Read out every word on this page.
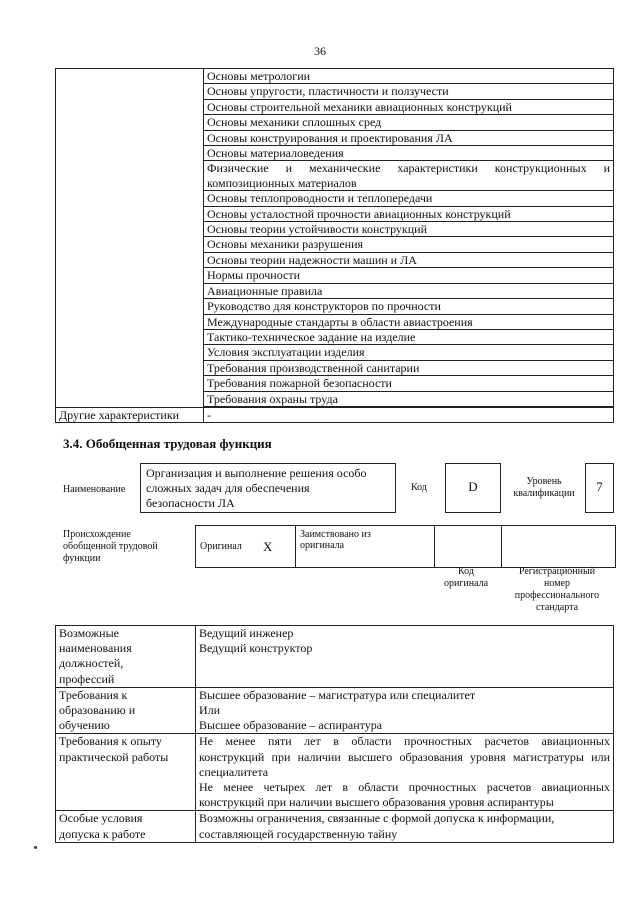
36
	Основы метрологии
	Основы упругости, пластичности и ползучести
	Основы строительной механики авиационных конструкций
	Основы механики сплошных сред
	Основы конструирования и проектирования ЛА
	Основы материаловедения

	Физические и механические характеристики конструкционных и
композиционных материалов

	Основы теплопроводности и теплопередачи
	Основы усталостной прочности авиационных конструкций
	Основы теории устойчивости конструкций
	Основы механики разрушения
	Основы теории надежности машин и ЛА
	Нормы прочности
	Авиационные правила
	Руководство для конструкторов по прочности
	Международные стандарты в области авиастроения
	Тактико-техническое задание на изделие
	Условия эксплуатации изделия
	Требования производственной санитарии
	Требования пожарной безопасности
	Требования охраны труда

Другие характеристики	-
3.4. Обобщенная трудовая функция
Наименование
Организация и выполнение решения особо
сложных задач для обеспечения
безопасности ЛА
Код	D	Уровень
квалификации	7
Происхождение
обобщенной трудовой
функции
Оригинал	X	
Заимствовано из
оригинала

Код
оригинала
Регистрационный
номер
профессионального
стандарта
Возможные
наименования
должностей,
профессий	Ведущий инженер
Ведущий конструктор

Требования к
образованию и
обучению	Высшее образование – магистратура или специалитет
Или
Высшее образование – аспирантура

Требования к опыту
практической работы	Не менее пяти лет в области прочностных расчетов авиационных
конструкций при наличии высшего образования уровня магистратуры или
специалитета
Не менее четырех лет в области прочностных расчетов авиационных
конструкций при наличии высшего образования уровня аспирантуры

Особые условия
допуска к работе	Возможны ограничения, связанные с формой допуска к информации,
составляющей государственную тайну
